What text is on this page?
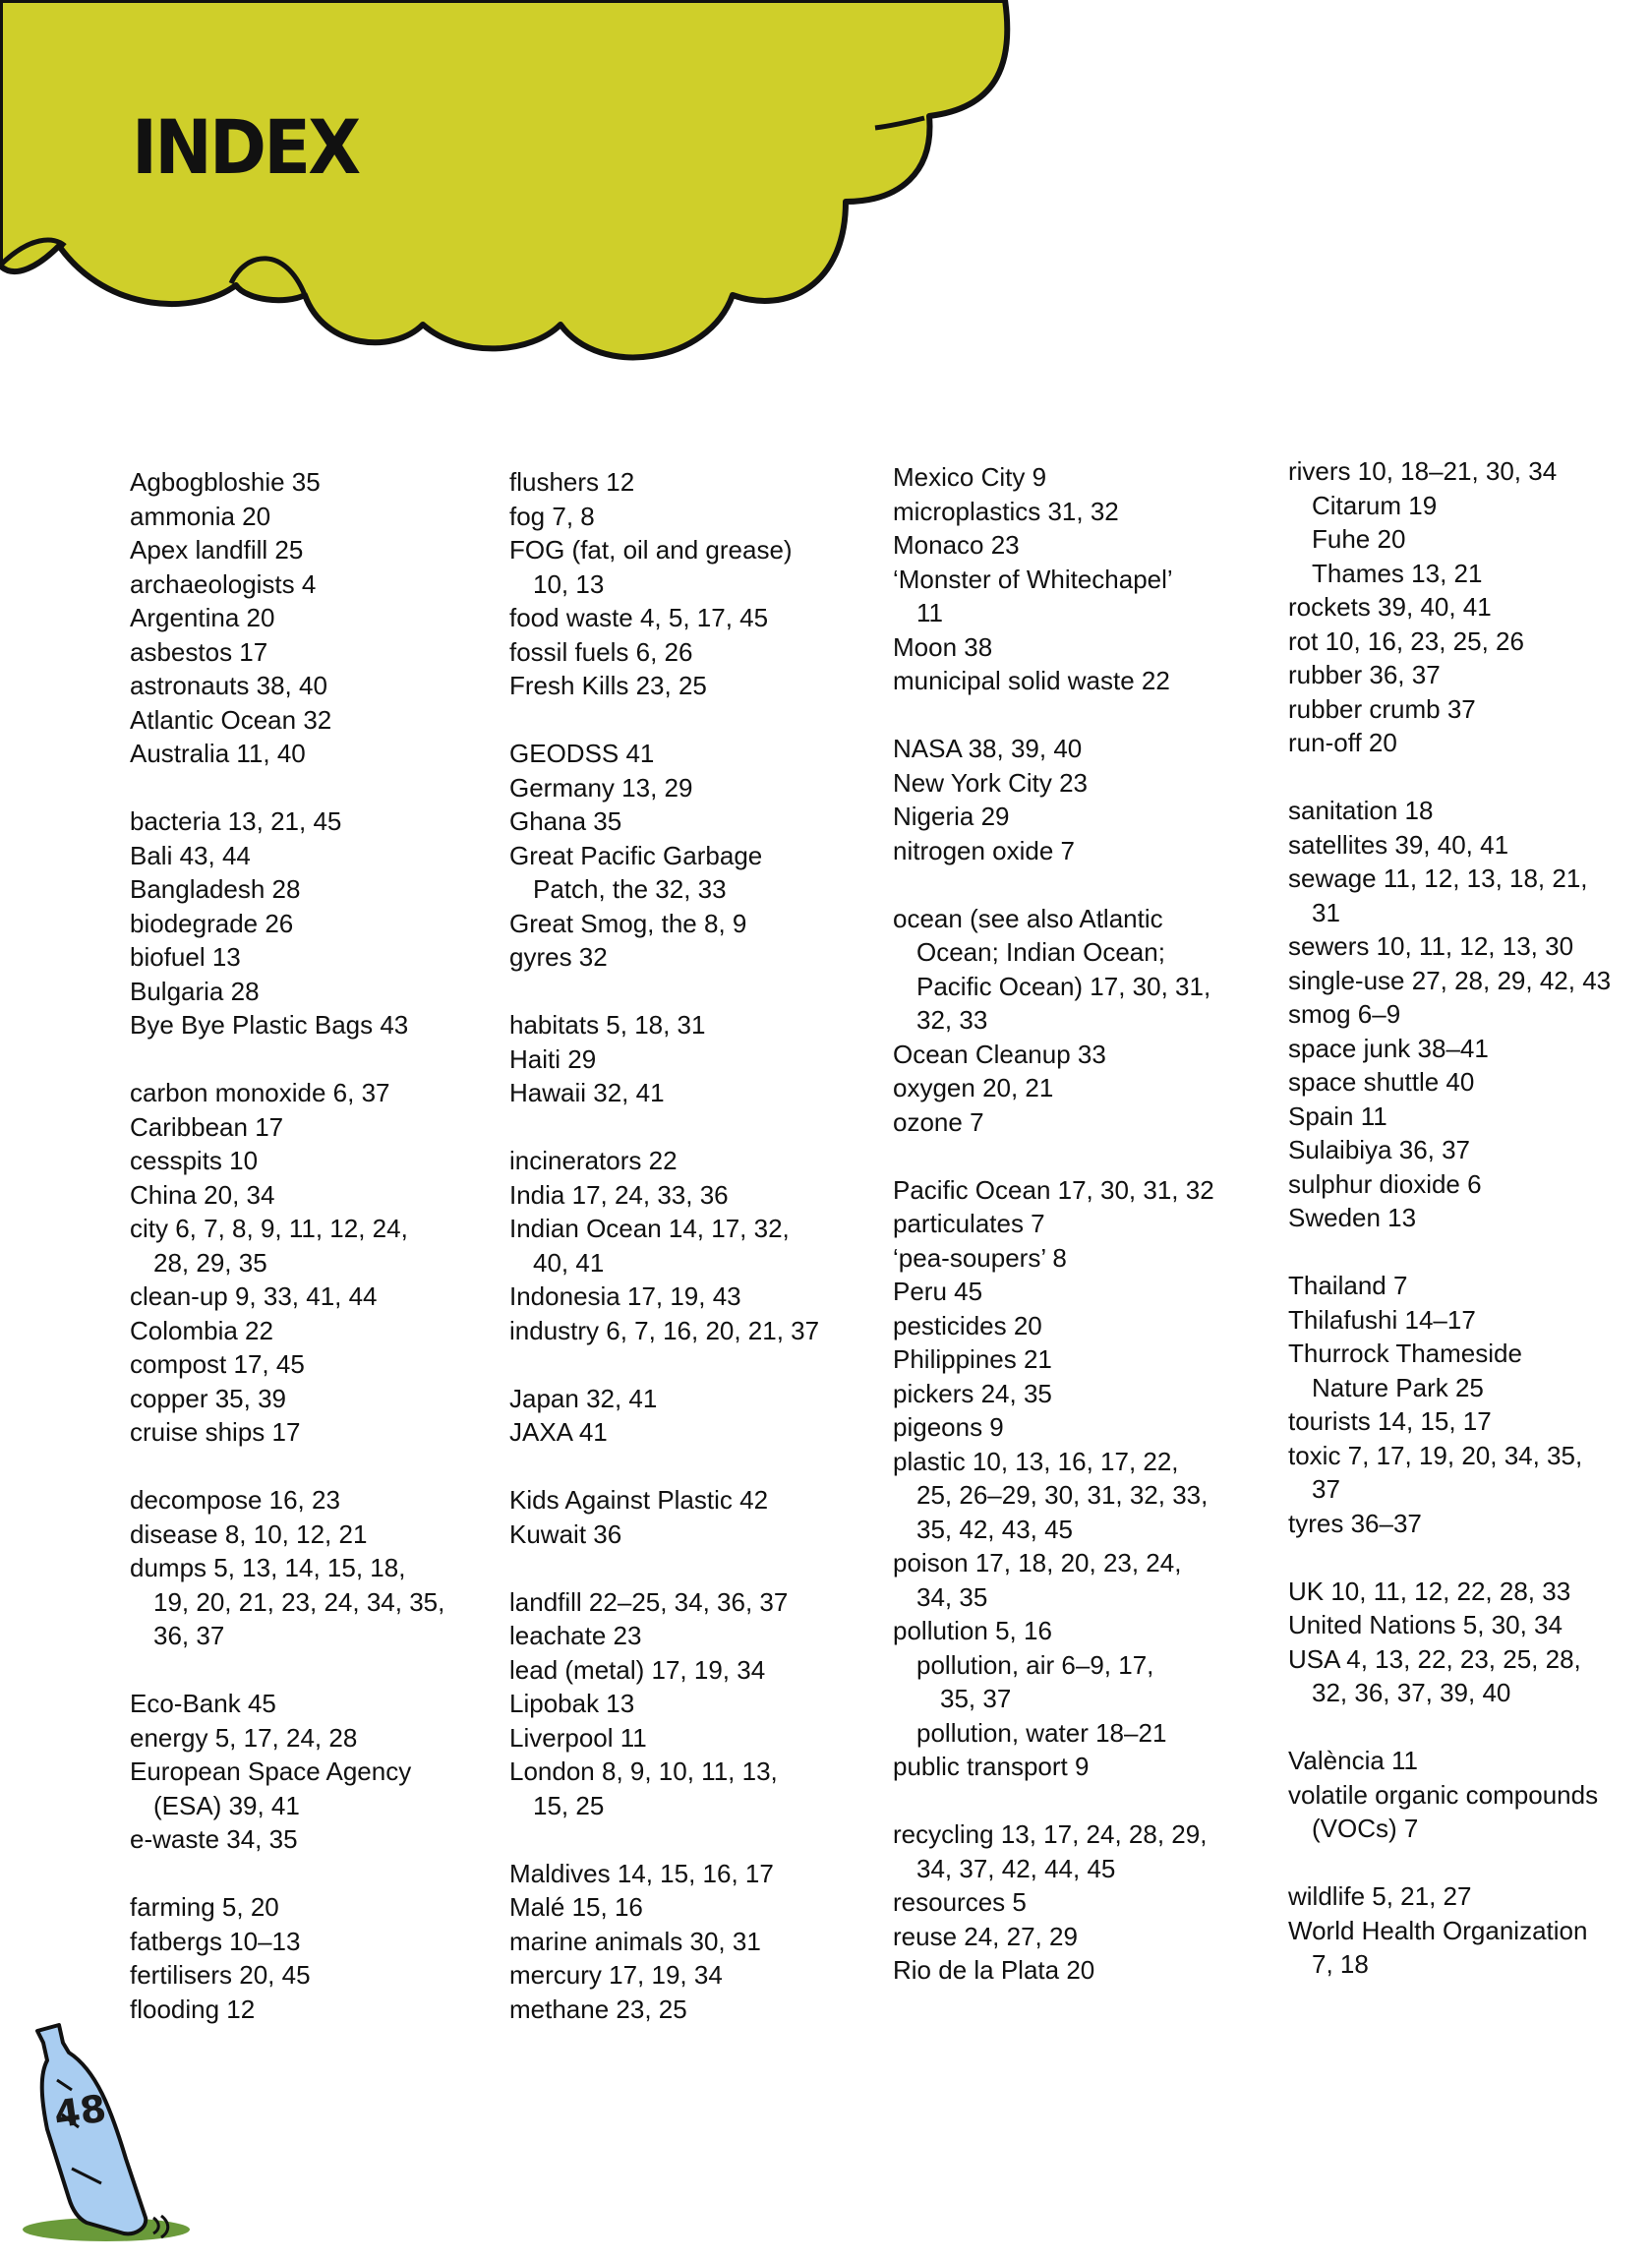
INDEX
Agbogbloshie 35
ammonia 20
Apex landfill 25
archaeologists 4
Argentina 20
asbestos 17
astronauts 38, 40
Atlantic Ocean 32
Australia 11, 40
bacteria 13, 21, 45
Bali 43, 44
Bangladesh 28
biodegrade 26
biofuel 13
Bulgaria 28
Bye Bye Plastic Bags 43
carbon monoxide 6, 37
Caribbean 17
cesspits 10
China 20, 34
city 6, 7, 8, 9, 11, 12, 24,
28, 29, 35
clean-up 9, 33, 41, 44
Colombia 22
compost 17, 45
copper 35, 39
cruise ships 17
decompose 16, 23
disease 8, 10, 12, 21
dumps 5, 13, 14, 15, 18,
19, 20, 21, 23, 24, 34, 35,
36, 37
Eco-Bank 45
energy 5, 17, 24, 28
European Space Agency
(ESA) 39, 41
e-waste 34, 35
farming 5, 20
fatbergs 10–13
fertilisers 20, 45
flooding 12
flushers 12
fog 7, 8
FOG (fat, oil and grease)
10, 13
food waste 4, 5, 17, 45
fossil fuels 6, 26
Fresh Kills 23, 25
GEODSS 41
Germany 13, 29
Ghana 35
Great Pacific Garbage
Patch, the 32, 33
Great Smog, the 8, 9
gyres 32
habitats 5, 18, 31
Haiti 29
Hawaii 32, 41
incinerators 22
India 17, 24, 33, 36
Indian Ocean 14, 17, 32,
40, 41
Indonesia 17, 19, 43
industry 6, 7, 16, 20, 21, 37
Japan 32, 41
JAXA 41
Kids Against Plastic 42
Kuwait 36
landfill 22–25, 34, 36, 37
leachate 23
lead (metal) 17, 19, 34
Lipobak 13
Liverpool 11
London 8, 9, 10, 11, 13,
15, 25
Maldives 14, 15, 16, 17
Malé 15, 16
marine animals 30, 31
mercury 17, 19, 34
methane 23, 25
Mexico City 9
microplastics 31, 32
Monaco 23
‘Monster of Whitechapel’
11
Moon 38
municipal solid waste 22
NASA 38, 39, 40
New York City 23
Nigeria 29
nitrogen oxide 7
ocean (see also Atlantic
Ocean; Indian Ocean;
Pacific Ocean) 17, 30, 31,
32, 33
Ocean Cleanup 33
oxygen 20, 21
ozone 7
Pacific Ocean 17, 30, 31, 32
particulates 7
‘pea-soupers’ 8
Peru 45
pesticides 20
Philippines 21
pickers 24, 35
pigeons 9
plastic 10, 13, 16, 17, 22,
25, 26–29, 30, 31, 32, 33,
35, 42, 43, 45
poison 17, 18, 20, 23, 24,
34, 35
pollution 5, 16
pollution, air 6–9, 17,
35, 37
pollution, water 18–21
public transport 9
recycling 13, 17, 24, 28, 29,
34, 37, 42, 44, 45
resources 5
reuse 24, 27, 29
Rio de la Plata 20
rivers 10, 18–21, 30, 34
Citarum 19
Fuhe 20
Thames 13, 21
rockets 39, 40, 41
rot 10, 16, 23, 25, 26
rubber 36, 37
rubber crumb 37
run-off 20
sanitation 18
satellites 39, 40, 41
sewage 11, 12, 13, 18, 21,
31
sewers 10, 11, 12, 13, 30
single-use 27, 28, 29, 42, 43
smog 6–9
space junk 38–41
space shuttle 40
Spain 11
Sulaibiya 36, 37
sulphur dioxide 6
Sweden 13
Thailand 7
Thilafushi 14–17
Thurrock Thameside
Nature Park 25
tourists 14, 15, 17
toxic 7, 17, 19, 20, 34, 35,
37
tyres 36–37
UK 10, 11, 12, 22, 28, 33
United Nations 5, 30, 34
USA 4, 13, 22, 23, 25, 28,
32, 36, 37, 39, 40
València 11
volatile organic compounds
(VOCs) 7
wildlife 5, 21, 27
World Health Organization
7, 18
48
